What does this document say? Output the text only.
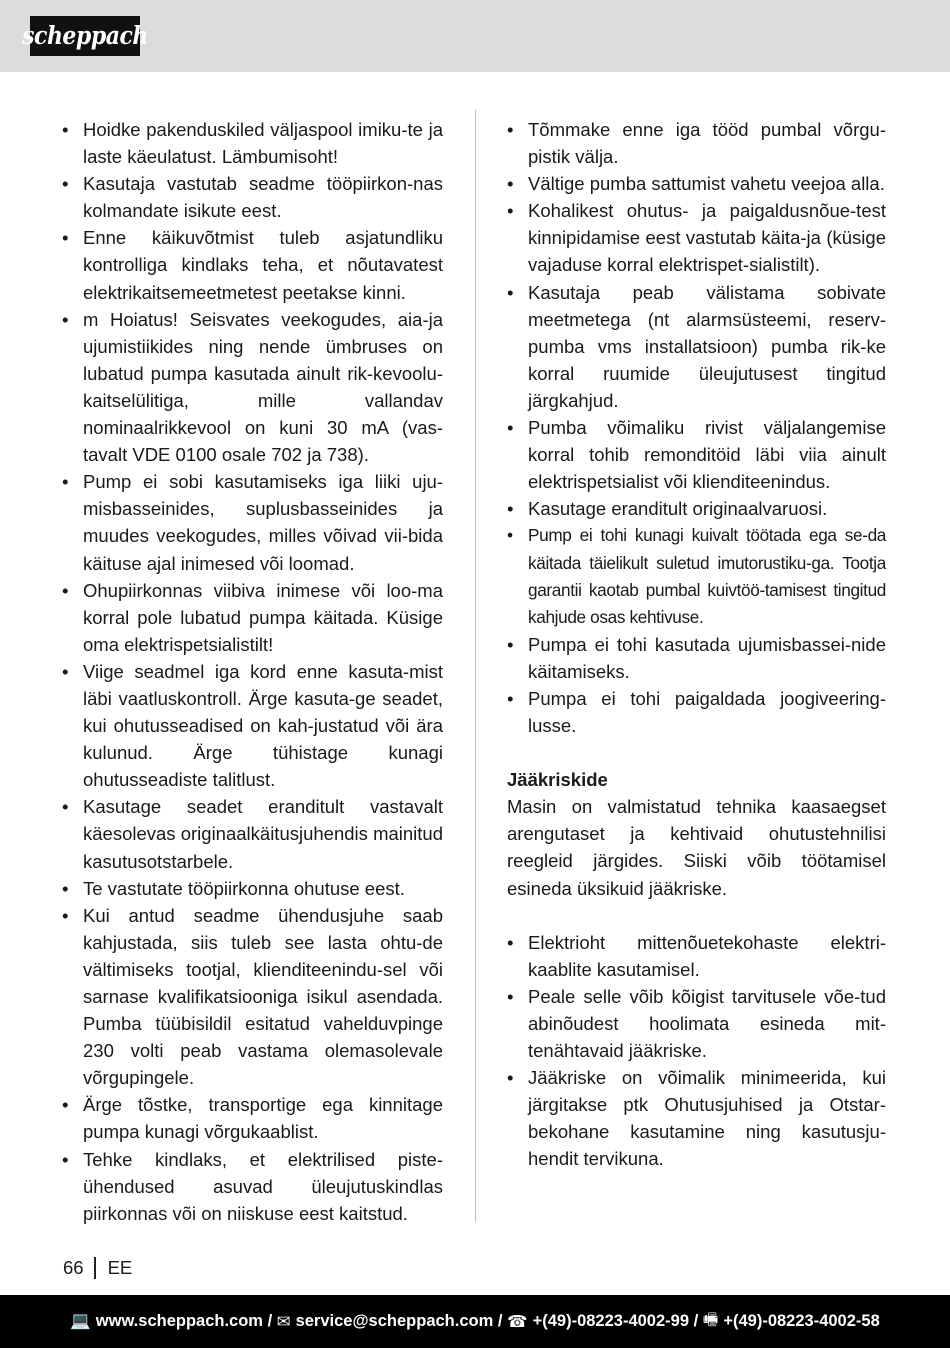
scheppach
• Hoidke pakenduskiled väljaspool imiku-te ja laste käeulatust. Lämbumisoht!
• Kasutaja vastutab seadme tööpiirkon-nas kolmandate isikute eest.
• Enne käikuvõtmist tuleb asjatundliku kontrolliga kindlaks teha, et nõutavatest elektrikaitsemeetmetest peetakse kinni.
• m Hoiatus! Seisvates veekogudes, aia-ja ujumistiikides ning nende ümbruses on lubatud pumpa kasutada ainult rik-kevoolu-kaitselülitiga, mille vallandav nominaalrikkevool on kuni 30 mA (vas-tavalt VDE 0100 osale 702 ja 738).
• Pump ei sobi kasutamiseks iga liiki uju-misbasseinides, suplusbasseinides ja muudes veekogudes, milles võivad vii-bida käituse ajal inimesed või loomad.
• Ohupiirkonnas viibiva inimese või loo-ma korral pole lubatud pumpa käitada. Küsige oma elektrispetsialistilt!
• Viige seadmel iga kord enne kasuta-mist läbi vaatluskontroll. Ärge kasuta-ge seadet, kui ohutusseadised on kah-justatud või ära kulunud. Ärge tühistage kunagi ohutusseadiste talitlust.
• Kasutage seadet eranditult vastavalt käesolevas originaalkäitusjuhendis mainitud kasutusotstarbele.
• Te vastutate tööpiirkonna ohutuse eest.
• Kui antud seadme ühendusjuhe saab kahjustada, siis tuleb see lasta ohtu-de vältimiseks tootjal, klienditeenindu-sel või sarnase kvalifikatsiooniga isikul asendada. Pumba tüübisildil esitatud vahelduvpinge 230 volti peab vastama olemasolevale võrgupingele.
• Ärge tõstke, transportige ega kinnitage pumpa kunagi võrgukaablist.
• Tehke kindlaks, et elektrilised piste-ühendused asuvad üleujutuskindlas piirkonnas või on niiskuse eest kaitstud.
• Tõmmake enne iga tööd pumbal võrgu-pistik välja.
• Vältige pumba sattumist vahetu veejoa alla.
• Kohalikest ohutus- ja paigaldusnõue-test kinnipidamise eest vastutab käita-ja (küsige vajaduse korral elektrispet-sialistilt).
• Kasutaja peab välistama sobivate meetmetega (nt alarmsüsteemi, reserv-pumba vms installatsioon) pumba rik-ke korral ruumide üleujutusest tingitud järgkahjud.
• Pumba võimaliku rivist väljalangemise korral tohib remonditöid läbi viia ainult elektrispetsialist või klienditeenindus.
• Kasutage eranditult originaalvaruosi.
• Pump ei tohi kunagi kuivalt töötada ega se-da käitada täielikult suletud imutorustiku-ga. Tootja garantii kaotab pumbal kuivtöö-tamisest tingitud kahjude osas kehtivuse.
• Pumpa ei tohi kasutada ujumisbassei-nide käitamiseks.
• Pumpa ei tohi paigaldada joogiveering-lusse.
Jääkriskide

Masin on valmistatud tehnika kaasaegset arengutaset ja kehtivaid ohutustehnilisi reegleid järgides. Siiski võib töötamisel esineda üksikuid jääkriske.

• Elektrioht mittenõuetekohaste elektri-kaablite kasutamisel.
• Peale selle võib kõigist tarvitusele võe-tud abinõudest hoolimata esineda mit-tenähtavaid jääkriske.
• Jääkriske on võimalik minimeerida, kui järgitakse ptk Ohutusjuhised ja Otstar-bekohane kasutamine ning kasutusju-hendit tervikuna.
66 EE
💻 www.scheppach.com /
✉ service@scheppach.com /
☎ +(49)-08223-4002-99 /
🖷 +(49)-08223-4002-58
